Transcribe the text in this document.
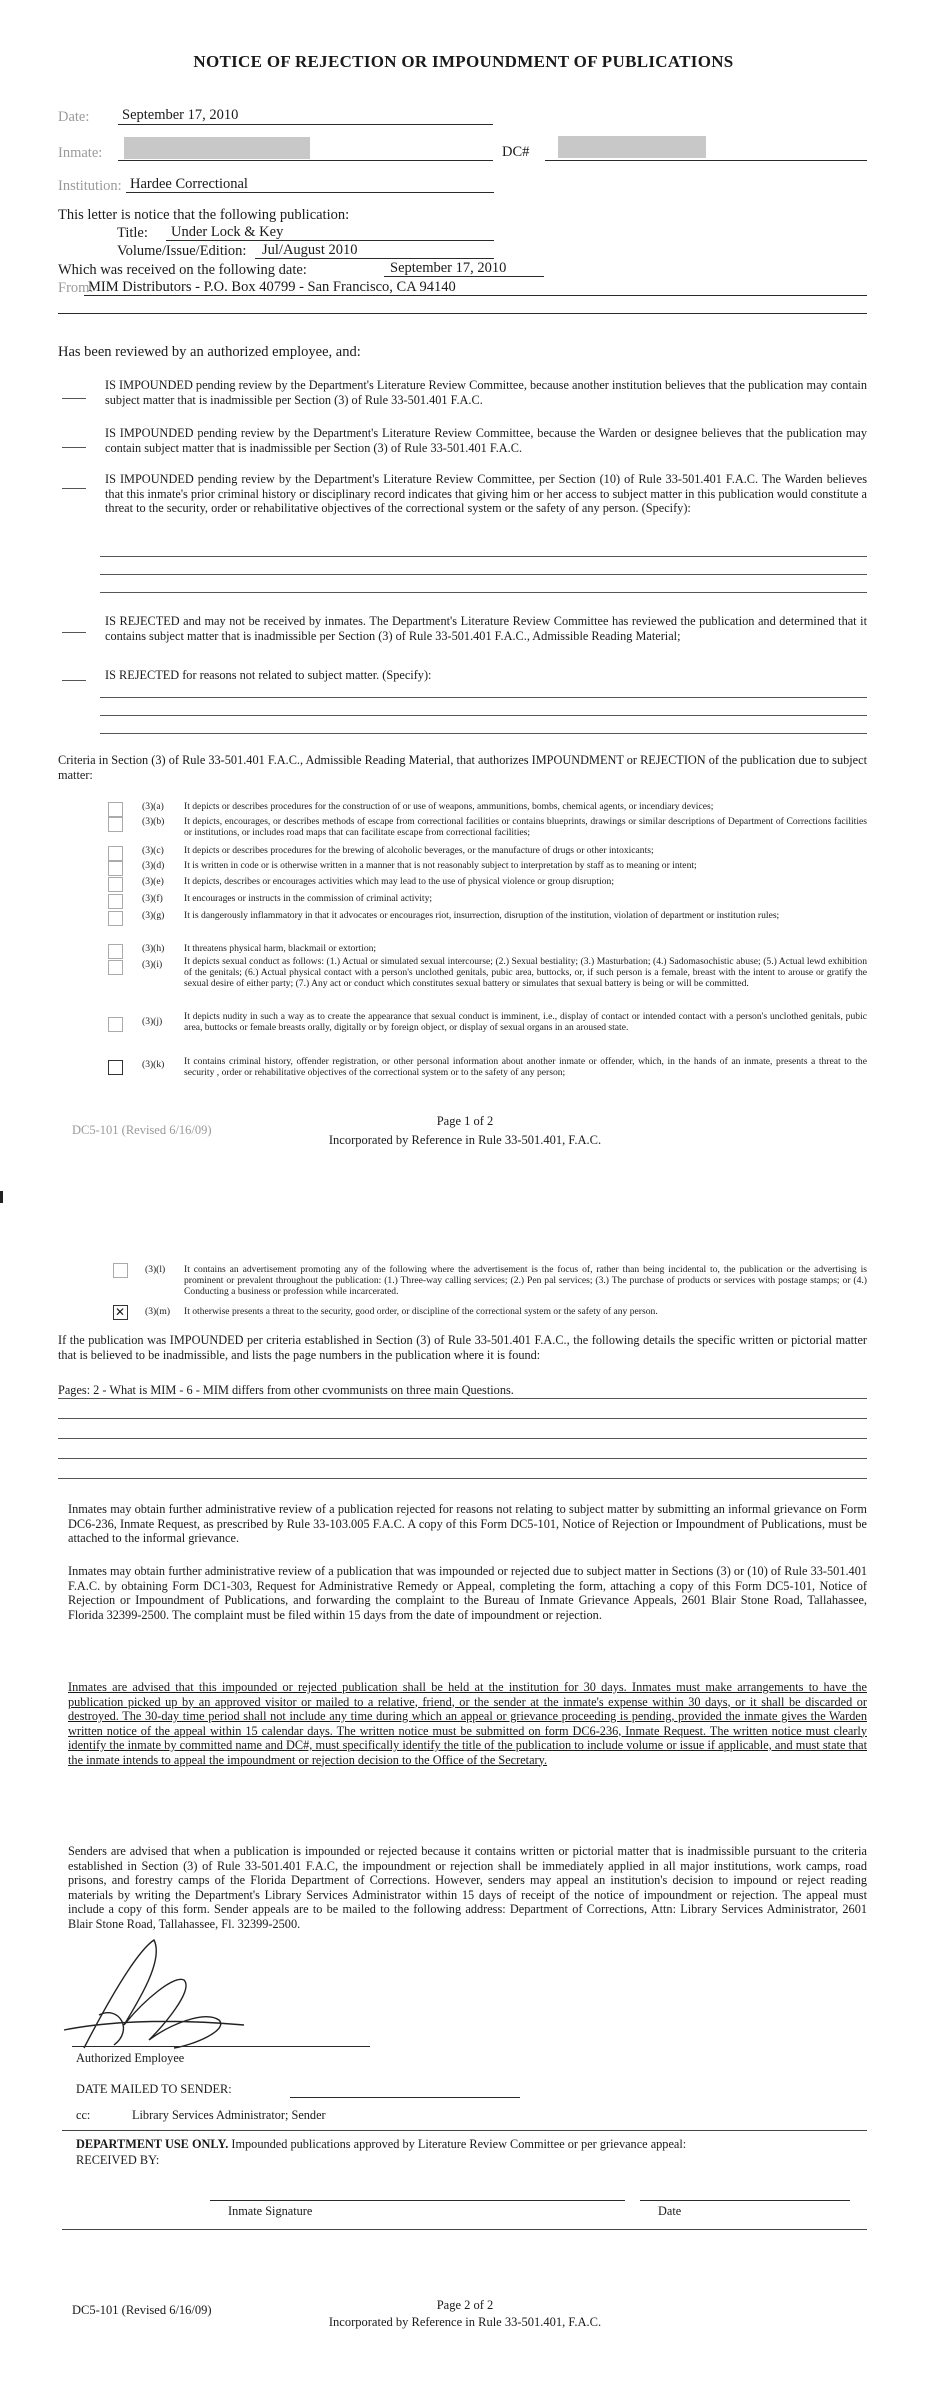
NOTICE OF REJECTION OR IMPOUNDMENT OF PUBLICATIONS
Date: September 17, 2010
Inmate:	DC#
Institution: Hardee Correctional
This letter is notice that the following publication:
Title: Under Lock & Key
Volume/Issue/Edition: Jul/August 2010
Which was received on the following date:	September 17, 2010
From:
MIM Distributors - P.O. Box 40799 - San Francisco, CA 94140
Has been reviewed by an authorized employee, and:
IS IMPOUNDED pending review by the Department's Literature Review Committee, because another institution believes that the publication may contain subject matter that is inadmissible per Section (3) of Rule 33-501.401 F.A.C.
IS IMPOUNDED pending review by the Department's Literature Review Committee, because the Warden or designee believes that the publication may contain subject matter that is inadmissible per Section (3) of Rule 33-501.401 F.A.C.
IS IMPOUNDED pending review by the Department's Literature Review Committee, per Section (10) of Rule 33-501.401 F.A.C. The Warden believes that this inmate's prior criminal history or disciplinary record indicates that giving him or her access to subject matter in this publication would constitute a threat to the security, order or rehabilitative objectives of the correctional system or the safety of any person. (Specify):
IS REJECTED and may not be received by inmates. The Department's Literature Review Committee has reviewed the publication and determined that it contains subject matter that is inadmissible per Section (3) of Rule 33-501.401 F.A.C., Admissible Reading Material;
IS REJECTED for reasons not related to subject matter. (Specify):
Criteria in Section (3) of Rule 33-501.401 F.A.C., Admissible Reading Material, that authorizes IMPOUNDMENT or REJECTION of the publication due to subject matter:
(3)(a) It depicts or describes procedures for the construction of or use of weapons, ammunitions, bombs, chemical agents, or incendiary devices;
(3)(b) It depicts, encourages, or describes methods of escape from correctional facilities or contains blueprints, drawings or similar descriptions of Department of Corrections facilities or institutions, or includes road maps that can facilitate escape from correctional facilities;
(3)(c) It depicts or describes procedures for the brewing of alcoholic beverages, or the manufacture of drugs or other intoxicants;
(3)(d) It is written in code or is otherwise written in a manner that is not reasonably subject to interpretation by staff as to meaning or intent;
(3)(e) It depicts, describes or encourages activities which may lead to the use of physical violence or group disruption;
(3)(f) It encourages or instructs in the commission of criminal activity;
(3)(g) It is dangerously inflammatory in that it advocates or encourages riot, insurrection, disruption of the institution, violation of department or institution rules;
(3)(h) It threatens physical harm, blackmail or extortion;
(3)(i) It depicts sexual conduct as follows: (1.) Actual or simulated sexual intercourse; (2.) Sexual bestiality; (3.) Masturbation; (4.) Sadomasochistic abuse; (5.) Actual lewd exhibition of the genitals; (6.) Actual physical contact with a person's unclothed genitals, pubic area, buttocks, or, if such person is a female, breast with the intent to arouse or gratify the sexual desire of either party; (7.) Any act or conduct which constitutes sexual battery or simulates that sexual battery is being or will be committed.
(3)(j) It depicts nudity in such a way as to create the appearance that sexual conduct is imminent, i.e., display of contact or intended contact with a person's unclothed genitals, pubic area, buttocks or female breasts orally, digitally or by foreign object, or display of sexual organs in an aroused state.
(3)(k) It contains criminal history, offender registration, or other personal information about another inmate or offender, which, in the hands of an inmate, presents a threat to the security , order or rehabilitative objectives of the correctional system or to the safety of any person;
DC5-101 (Revised 6/16/09)
Page 1 of 2
Incorporated by Reference in Rule 33-501.401, F.A.C.
(3)(l) It contains an advertisement promoting any of the following where the advertisement is the focus of, rather than being incidental to, the publication or the advertising is prominent or prevalent throughout the publication: (1.) Three-way calling services; (2.) Pen pal services; (3.) The purchase of products or services with postage stamps; or (4.) Conducting a business or profession while incarcerated.
✕ (3)(m) It otherwise presents a threat to the security, good order, or discipline of the correctional system or the safety of any person.
If the publication was IMPOUNDED per criteria established in Section (3) of Rule 33-501.401 F.A.C., the following details the specific written or pictorial matter that is believed to be inadmissible, and lists the page numbers in the publication where it is found:
Pages: 2 - What is MIM - 6 - MIM differs from other cvommunists on three main Questions.
Inmates may obtain further administrative review of a publication rejected for reasons not relating to subject matter by submitting an informal grievance on Form DC6-236, Inmate Request, as prescribed by Rule 33-103.005 F.A.C. A copy of this Form DC5-101, Notice of Rejection or Impoundment of Publications, must be attached to the informal grievance.
Inmates may obtain further administrative review of a publication that was impounded or rejected due to subject matter in Sections (3) or (10) of Rule 33-501.401 F.A.C. by obtaining Form DC1-303, Request for Administrative Remedy or Appeal, completing the form, attaching a copy of this Form DC5-101, Notice of Rejection or Impoundment of Publications, and forwarding the complaint to the Bureau of Inmate Grievance Appeals, 2601 Blair Stone Road, Tallahassee, Florida 32399-2500. The complaint must be filed within 15 days from the date of impoundment or rejection.
Inmates are advised that this impounded or rejected publication shall be held at the institution for 30 days. Inmates must make arrangements to have the publication picked up by an approved visitor or mailed to a relative, friend, or the sender at the inmate's expense within 30 days, or it shall be discarded or destroyed. The 30-day time period shall not include any time during which an appeal or grievance proceeding is pending, provided the inmate gives the Warden written notice of the appeal within 15 calendar days. The written notice must be submitted on form DC6-236, Inmate Request. The written notice must clearly identify the inmate by committed name and DC#, must specifically identify the title of the publication to include volume or issue if applicable, and must state that the inmate intends to appeal the impoundment or rejection decision to the Office of the Secretary.
Senders are advised that when a publication is impounded or rejected because it contains written or pictorial matter that is inadmissible pursuant to the criteria established in Section (3) of Rule 33-501.401 F.A.C, the impoundment or rejection shall be immediately applied in all major institutions, work camps, road prisons, and forestry camps of the Florida Department of Corrections. However, senders may appeal an institution's decision to impound or reject reading materials by writing the Department's Library Services Administrator within 15 days of receipt of the notice of impoundment or rejection. The appeal must include a copy of this form. Sender appeals are to be mailed to the following address: Department of Corrections, Attn: Library Services Administrator, 2601 Blair Stone Road, Tallahassee, Fl. 32399-2500.
Authorized Employee
DATE MAILED TO SENDER:
cc:	Library Services Administrator; Sender
DEPARTMENT USE ONLY. Impounded publications approved by Literature Review Committee or per grievance appeal:
RECEIVED BY:
Inmate Signature	Date
DC5-101 (Revised 6/16/09)	Page 2 of 2
Incorporated by Reference in Rule 33-501.401, F.A.C.
